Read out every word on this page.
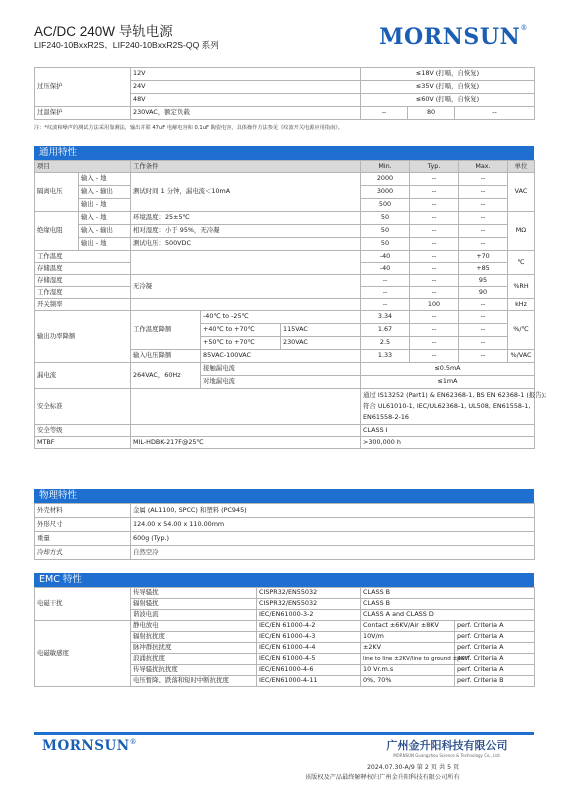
AC/DC 240W 导轨电源
LIF240-10BxxR2S、LIF240-10BxxR2S-QQ 系列	MORNSUN®
过压保护	12V	≤18V (打嗝，自恢复)		
	24V	≤35V (打嗝，自恢复)		
	48V	≤60V (打嗝，自恢复)		
过温保护	230VAC，额定负载	--	80	--
注：*纹波和噪声的测试方法采用靠测法，输出并联 47uF 电解电容和 0.1uF 陶瓷电容，具体操作方法参见《纹波开关电源应用指南》。
通用特性
项目		工作条件			Min.	Typ.	Max.	单位
隔离电压	输入 - 地	测试时间 1 分钟，漏电流＜10mA			2000	--	--	VAC
	输入 - 输出				3000	--	--	
	输出 - 地				500	--	--	
绝缘电阻	输入 - 地	环境温度：25±5℃			50	--	--	MΩ
	输入 - 输出	相对湿度：小于 95%，无冷凝			50	--	--	
	输出 - 地	测试电压：500VDC			50	--	--	
工作温度					-40	--	+70	℃
存储温度					-40	--	+85	
存储湿度		无冷凝			--	--	95	%RH
工作湿度					--	--	90	
开关频率					--	100	--	kHz
输出功率降额		工作温度降额	-40℃ to -25℃		3.34	--	--	%/℃
			+40℃ to +70℃	115VAC	1.67	--	--	
			+50℃ to +70℃	230VAC	2.5	--	--	
		输入电压降额	85VAC-100VAC		1.33	--	--	%/VAC
漏电流		264VAC，60Hz	接触漏电流		≤0.5mA			
			对地漏电流		≤1mA			
安全标准					通过 IS13252 (Part1) & EN62368-1, BS EN 62368-1 (报告);
符合 UL61010-1, IEC/UL62368-1, UL508, EN61558-1,
EN61558-2-16			

安全等级					CLASS I			
MTBF		MIL-HDBK-217F@25℃			>300,000 h			
物理特性
外壳材料	金属 (AL1100, SPCC) 和塑料 (PC945)
外形尺寸	124.00 x 54.00 x 110.00mm
重量	600g (Typ.)
冷却方式	自然空冷
EMC 特性
电磁干扰	传导骚扰	CISPR32/EN55032	CLASS B	
	辐射骚扰	CISPR32/EN55032	CLASS B	
	谐波电流	IEC/EN61000-3-2	CLASS A and CLASS D	
电磁敏感度	静电放电	IEC/EN 61000-4-2	Contact ±6KV/Air ±8KV	perf. Criteria A
	辐射抗扰度	IEC/EN 61000-4-3	10V/m	perf. Criteria A
	脉冲群抗扰度	IEC/EN 61000-4-4	±2KV	perf. Criteria A
	浪涌抗扰度	IEC/EN 61000-4-5	line to line ±2KV/line to ground ±4KV	perf. Criteria A
	传导骚扰抗扰度	IEC/EN61000-4-6	10 Vr.m.s	perf. Criteria A
	电压暂降、跌落和短时中断抗扰度	IEC/EN61000-4-11	0%, 70%	perf. Criteria B
MORNSUN®	广州金升阳科技有限公司
MORNSUN Guangzhou Science & Technology Co., Ltd.
2024.07.30-A/9 第 2 页 共 5 页
该版权及产品最终解释权归广州金升阳科技有限公司所有
